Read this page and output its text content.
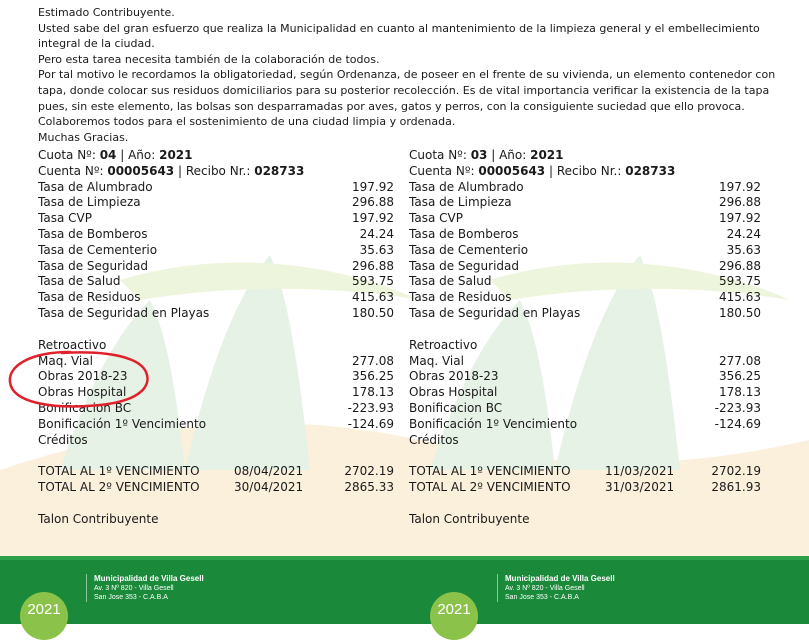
Estimado Contribuyente.

Usted sabe del gran esfuerzo que realiza la Municipalidad en cuanto al mantenimiento de la limpieza general y el embellecimiento integral de la ciudad.

Pero esta tarea necesita también de la colaboración de todos.

Por tal motivo le recordamos la obligatoriedad, según Ordenanza, de poseer en el frente de su vivienda, un elemento contenedor con tapa, donde colocar sus residuos domiciliarios para su posterior recolección. Es de vital importancia verificar la existencia de la tapa pues, sin este elemento, las bolsas son desparramadas por aves, gatos y perros, con la consiguiente suciedad que ello provoca.

Colaboremos todos para el sostenimiento de una ciudad limpia y ordenada.

Muchas Gracias.

Cuota Nº: 04 | Año: 2021
Cuenta Nº: 00005643 | Recibo Nr.: 028733
Tasa de Alumbrado	197.92
Tasa de Limpieza	296.88
Tasa CVP	197.92
Tasa de Bomberos	24.24
Tasa de Cementerio	35.63
Tasa de Seguridad	296.88
Tasa de Salud	593.75
Tasa de Residuos	415.63
Tasa de Seguridad en Playas	180.50
Retroactivo
Maq. Vial	277.08
Obras 2018-23	356.25
Obras Hospital	178.13
Bonificacion BC	-223.93
Bonificación 1º Vencimiento	-124.69
Créditos
TOTAL AL 1º VENCIMIENTO	08/04/2021	2702.19
TOTAL AL 2º VENCIMIENTO	30/04/2021	2865.33
Talon Contribuyente
Cuota Nº: 03 | Año: 2021
Cuenta Nº: 00005643 | Recibo Nr.: 028733
Tasa de Alumbrado	197.92
Tasa de Limpieza	296.88
Tasa CVP	197.92
Tasa de Bomberos	24.24
Tasa de Cementerio	35.63
Tasa de Seguridad	296.88
Tasa de Salud	593.75
Tasa de Residuos	415.63
Tasa de Seguridad en Playas	180.50
Retroactivo
Maq. Vial	277.08
Obras 2018-23	356.25
Obras Hospital	178.13
Bonificacion BC	-223.93
Bonificación 1º Vencimiento	-124.69
Créditos
TOTAL AL 1º VENCIMIENTO	11/03/2021	2702.19
TOTAL AL 2º VENCIMIENTO	31/03/2021	2861.93
Talon Contribuyente
Municipalidad de Villa Gesell
Av. 3 Nº 820 - Villa Gesell
San Jose 353 - C.A.B.A
2021
Municipalidad de Villa Gesell
Av. 3 Nº 820 - Villa Gesell
San Jose 353 - C.A.B.A
2021
